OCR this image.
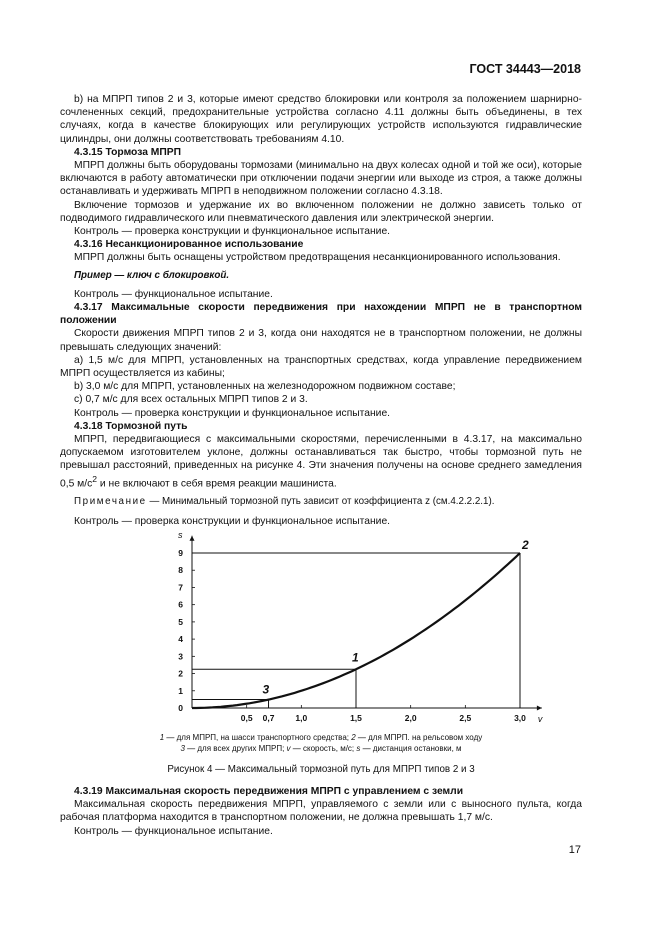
ГОСТ 34443—2018

b) на МПРП типов 2 и 3, которые имеют средство блокировки или контроля за положением шарнирно-сочлененных секций, предохранительные устройства согласно 4.11 должны быть объединены, в тех случаях, когда в качестве блокирующих или регулирующих устройств используются гидравлические цилиндры, они должны соответствовать требованиям 4.10.

4.3.15 Тормоза МПРП

МПРП должны быть оборудованы тормозами (минимально на двух колесах одной и той же оси), которые включаются в работу автоматически при отключении подачи энергии или выходе из строя, а также должны останавливать и удерживать МПРП в неподвижном положении согласно 4.3.18.

Включение тормозов и удержание их во включенном положении не должно зависеть только от подводимого гидравлического или пневматического давления или электрической энергии.

Контроль — проверка конструкции и функциональное испытание.

4.3.16 Несанкционированное использование

МПРП должны быть оснащены устройством предотвращения несанкционированного использования.

Пример — ключ с блокировкой.

Контроль — функциональное испытание.

4.3.17 Максимальные скорости передвижения при нахождении МПРП не в транспортном положении

Скорости движения МПРП типов 2 и 3, когда они находятся не в транспортном положении, не должны превышать следующих значений:

а) 1,5 м/с для МПРП, установленных на транспортных средствах, когда управление передвижением МПРП осуществляется из кабины;

b) 3,0 м/с для МПРП, установленных на железнодорожном подвижном составе;

c) 0,7 м/с для всех остальных МПРП типов 2 и 3.

Контроль — проверка конструкции и функциональное испытание.

4.3.18 Тормозной путь

МПРП, передвигающиеся с максимальными скоростями, перечисленными в 4.3.17, на максимально допускаемом изготовителем уклоне, должны останавливаться так быстро, чтобы тормозной путь не превышал расстояний, приведенных на рисунке 4. Эти значения получены на основе среднего замедления 0,5 $м/с^2$ и не включают в себя время реакции машиниста.

Примечание — Минимальный тормозной путь зависит от коэффициента z (см.4.2.2.2.1).

Контроль — проверка конструкции и функциональное испытание.

v
s
0
1
2
3
4
5
6
7
8
9
0,5 0,7 1,0	1,5	2,0	2,5	3,0
3
1
2
1 — для МПРП, на шасси транспортного средства; 2 — для МПРП. на рельсовом ходу
3 — для всех других МПРП; v — скорость, м/с; s — дистанция остановки, м
Рисунок 4 — Максимальный тормозной путь для МПРП типов 2 и 3

4.3.19 Максимальная скорость передвижения МПРП с управлением с земли

Максимальная скорость передвижения МПРП, управляемого с земли или с выносного пульта, когда рабочая платформа находится в транспортном положении, не должна превышать 1,7 м/с.

Контроль — функциональное испытание.

17
